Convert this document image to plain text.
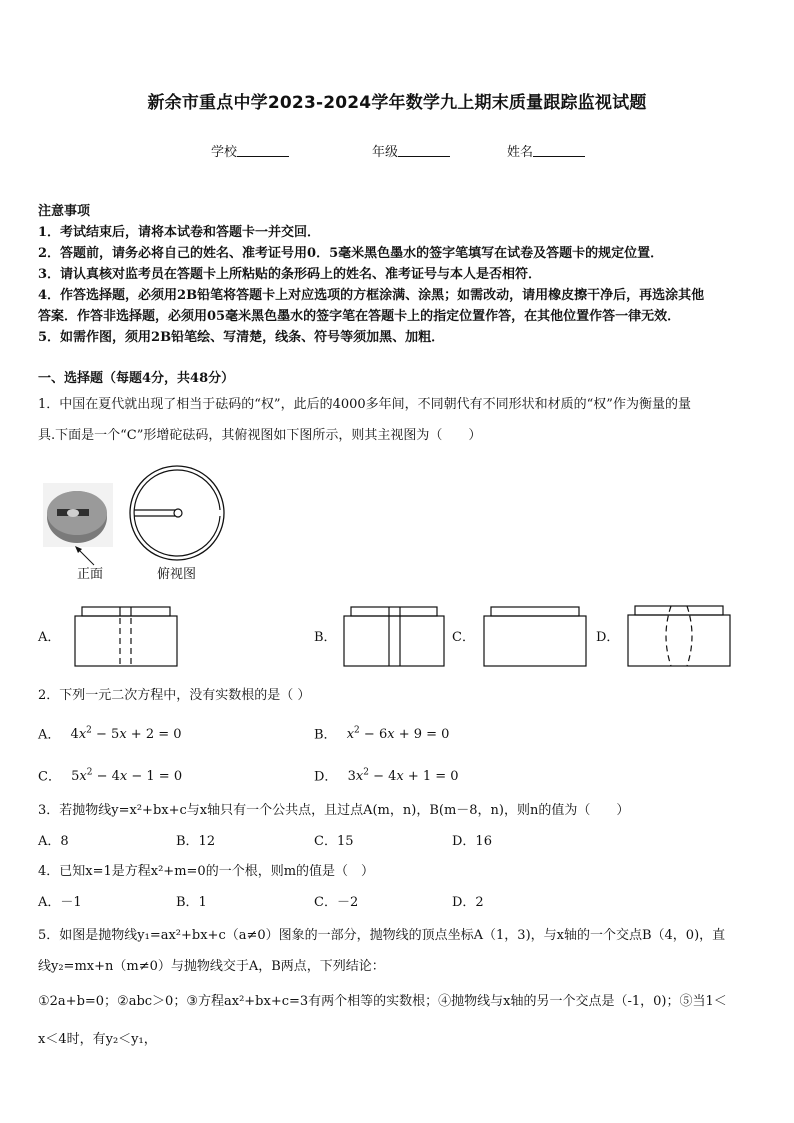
新余市重点中学2023-2024学年数学九上期末质量跟踪监视试题
学校	年级	姓名
注意事项
1．考试结束后，请将本试卷和答题卡一并交回．
2．答题前，请务必将自己的姓名、准考证号用0．5毫米黑色墨水的签字笔填写在试卷及答题卡的规定位置．
3．请认真核对监考员在答题卡上所粘贴的条形码上的姓名、准考证号与本人是否相符．
4．作答选择题，必须用2B铅笔将答题卡上对应选项的方框涂满、涂黑；如需改动，请用橡皮擦干净后，再选涂其他
答案．作答非选择题，必须用05毫米黑色墨水的签字笔在答题卡上的指定位置作答，在其他位置作答一律无效．
5．如需作图，须用2B铅笔绘、写清楚，线条、符号等须加黑、加粗．
一、选择题（每题4分，共48分）
1．中国在夏代就出现了相当于砝码的“权”，此后的4000多年间，不同朝代有不同形状和材质的“权”作为衡量的量
具.下面是一个“C”形增砣砝码，其俯视图如下图所示，则其主视图为（　　）
正面	俯视图
A．	B．	C．	D．
2．下列一元二次方程中，没有实数根的是（ ）
A． $4x^2 - 5x + 2 = 0$	B． $x^2 - 6x + 9 = 0$
C． $5x^2 - 4x - 1 = 0$	D． $3x^2 - 4x + 1 = 0$
3．若抛物线y=x²+bx+c与x轴只有一个公共点，且过点A(m，n)，B(m－8，n)，则n的值为（　　）
A．8	B．12	C．15	D．16
4．已知x=1是方程x²+m=0的一个根，则m的值是（　）
A．－1	B．1	C．－2	D．2
5．如图是抛物线y₁=ax²+bx+c（a≠0）图象的一部分，抛物线的顶点坐标A（1，3)，与x轴的一个交点B（4，0)，直
线y₂=mx+n（m≠0）与抛物线交于A，B两点，下列结论：
①2a+b=0；②abc＞0；③方程ax²+bx+c=3有两个相等的实数根；④抛物线与x轴的另一个交点是（-1，0)；⑤当1＜
x＜4时，有y₂＜y₁，
